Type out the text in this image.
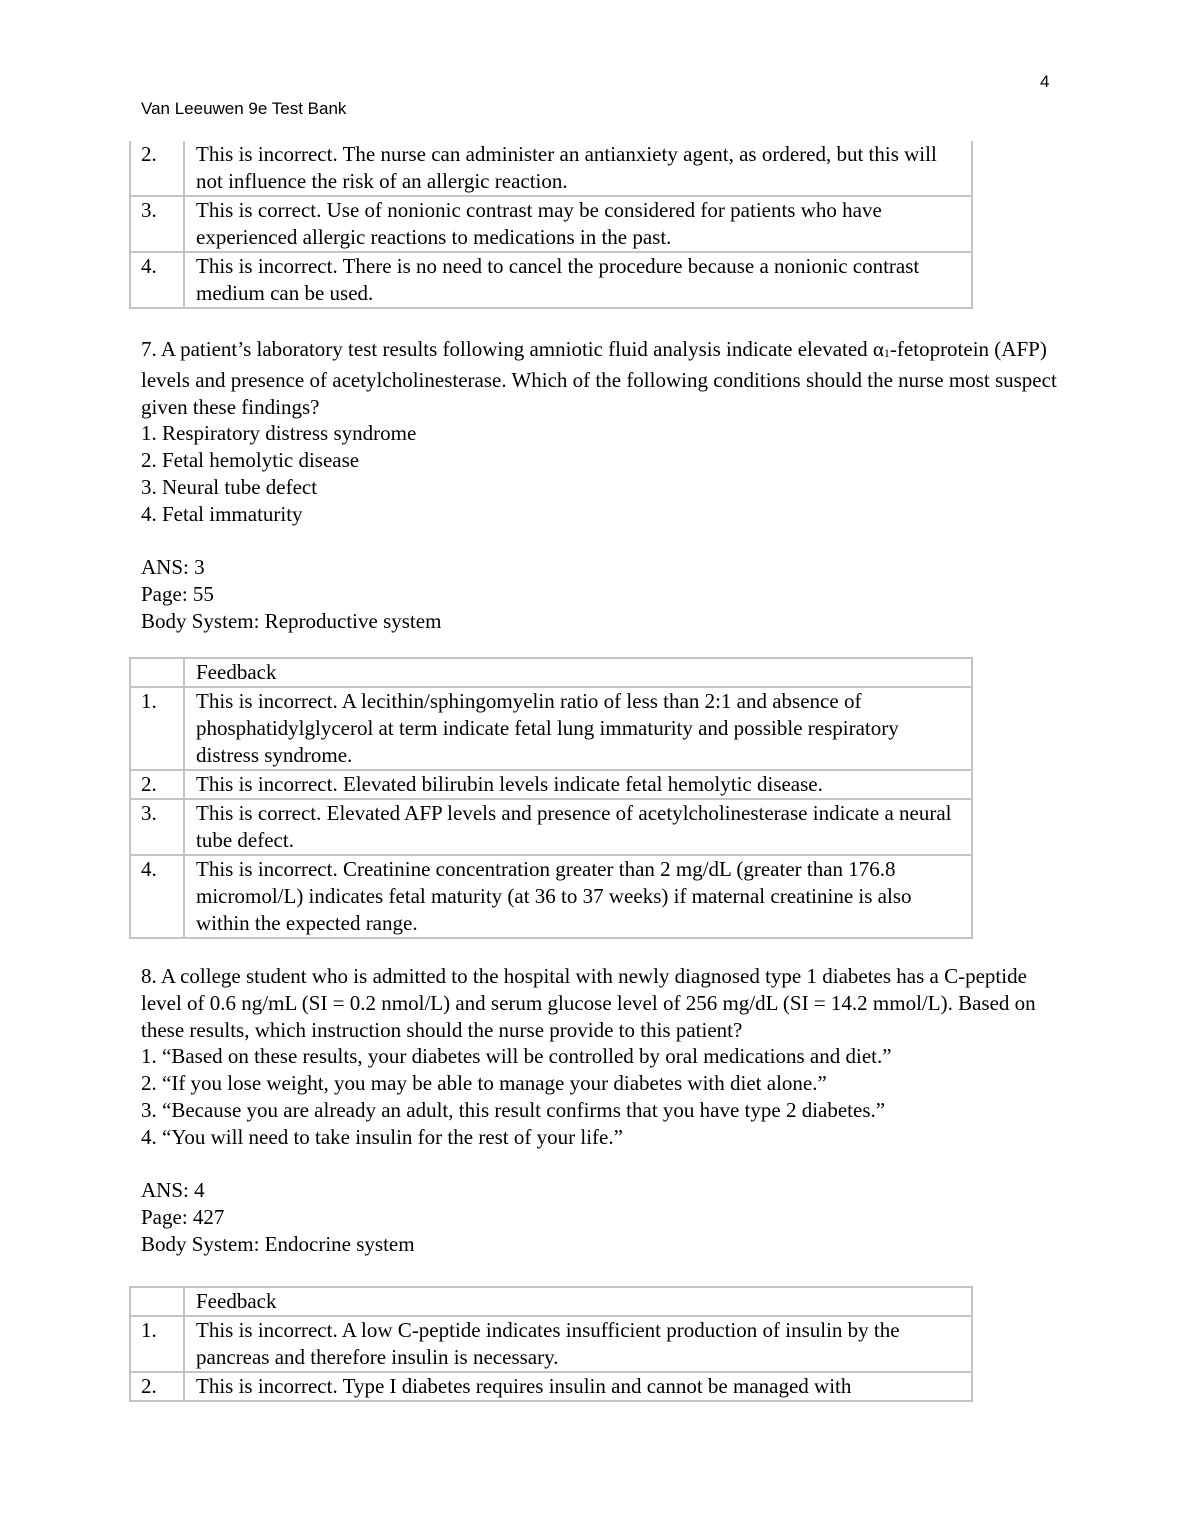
4
Van Leeuwen 9e Test Bank
2.	This is incorrect. The nurse can administer an antianxiety agent, as ordered, but this will not influence the risk of an allergic reaction.
3.	This is correct. Use of nonionic contrast may be considered for patients who have experienced allergic reactions to medications in the past.
4.	This is incorrect. There is no need to cancel the procedure because a nonionic contrast medium can be used.

7. A patient’s laboratory test results following amniotic fluid analysis indicate elevated $\alpha_1$-fetoprotein (AFP) levels and presence of acetylcholinesterase. Which of the following conditions should the nurse most suspect given these findings?

1. Respiratory distress syndrome

2. Fetal hemolytic disease

3. Neural tube defect

4. Fetal immaturity

ANS: 3

Page: 55

Body System: Reproductive system

	Feedback
1.	This is incorrect. A lecithin/sphingomyelin ratio of less than 2:1 and absence of phosphatidylglycerol at term indicate fetal lung immaturity and possible respiratory distress syndrome.
2.	This is incorrect. Elevated bilirubin levels indicate fetal hemolytic disease.
3.	This is correct. Elevated AFP levels and presence of acetylcholinesterase indicate a neural tube defect.
4.	This is incorrect. Creatinine concentration greater than 2 mg/dL (greater than 176.8 micromol/L) indicates fetal maturity (at 36 to 37 weeks) if maternal creatinine is also within the expected range.

8. A college student who is admitted to the hospital with newly diagnosed type 1 diabetes has a C-peptide level of 0.6 ng/mL (SI = 0.2 nmol/L) and serum glucose level of 256 mg/dL (SI = 14.2 mmol/L). Based on these results, which instruction should the nurse provide to this patient?

1. “Based on these results, your diabetes will be controlled by oral medications and diet.”

2. “If you lose weight, you may be able to manage your diabetes with diet alone.”

3. “Because you are already an adult, this result confirms that you have type 2 diabetes.”

4. “You will need to take insulin for the rest of your life.”

ANS: 4

Page: 427

Body System: Endocrine system

	Feedback
1.	This is incorrect. A low C-peptide indicates insufficient production of insulin by the pancreas and therefore insulin is necessary.
2.	This is incorrect. Type I diabetes requires insulin and cannot be managed with
